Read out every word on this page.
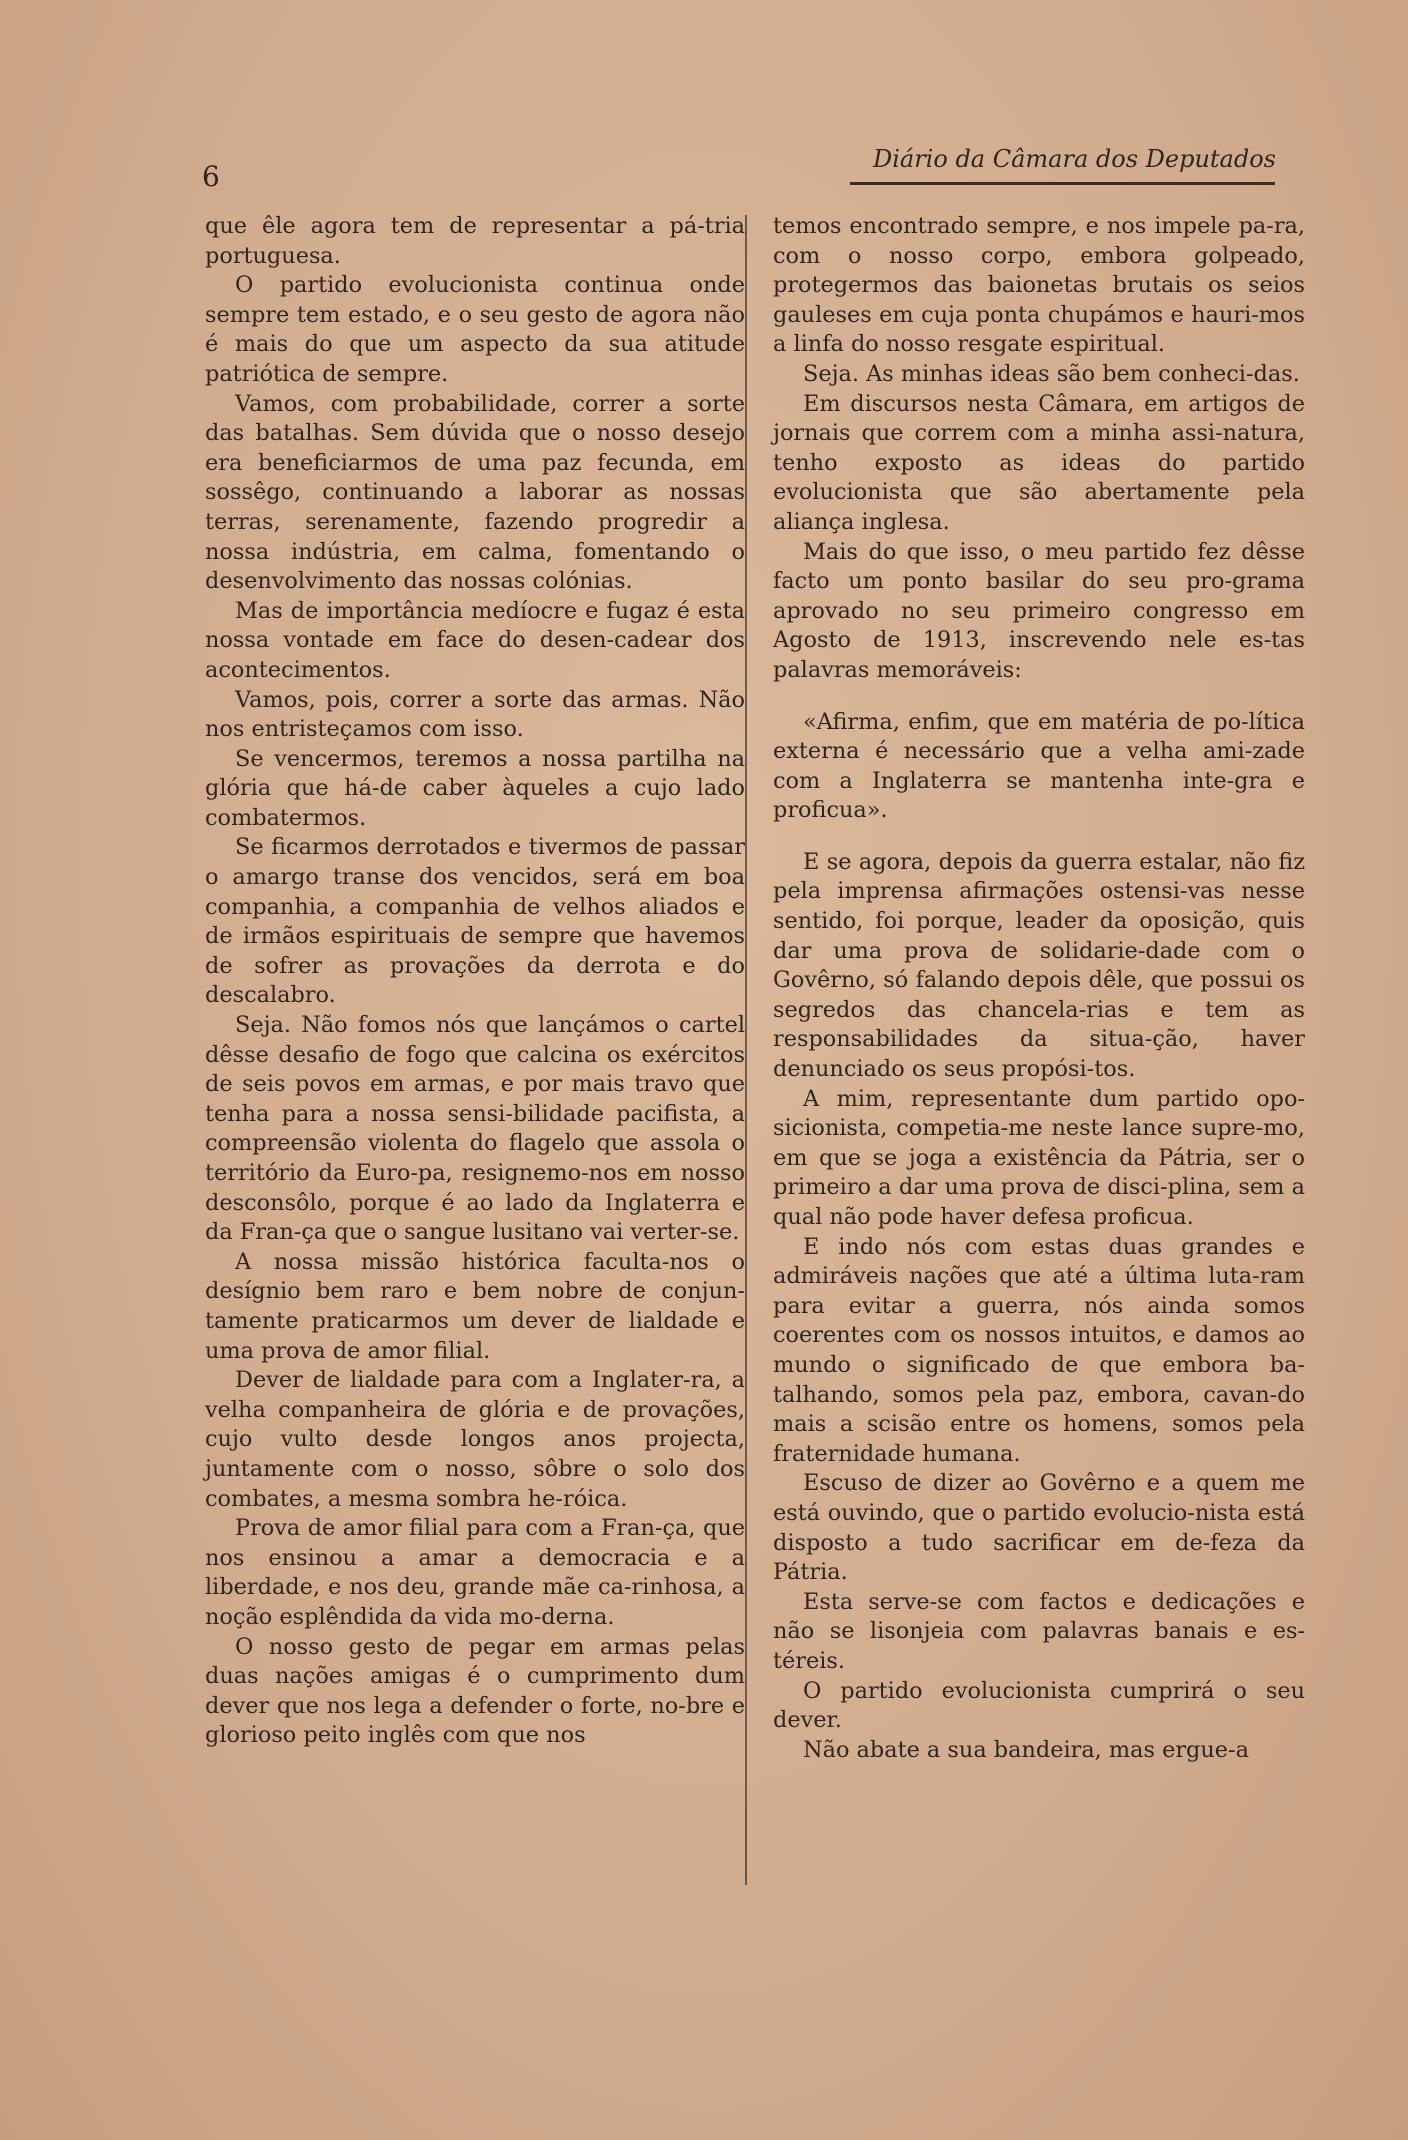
6
Diário da Câmara dos Deputados

que êle agora tem de representar a pá-tria portuguesa.

O partido evolucionista continua onde sempre tem estado, e o seu gesto de agora não é mais do que um aspecto da sua atitude patriótica de sempre.

Vamos, com probabilidade, correr a sorte das batalhas. Sem dúvida que o nosso desejo era beneficiarmos de uma paz fecunda, em sossêgo, continuando a laborar as nossas terras, serenamente, fazendo progredir a nossa indústria, em calma, fomentando o desenvolvimento das nossas colónias.

Mas de importância medíocre e fugaz é esta nossa vontade em face do desen-cadear dos acontecimentos.

Vamos, pois, correr a sorte das armas. Não nos entristeçamos com isso.

Se vencermos, teremos a nossa partilha na glória que há-de caber àqueles a cujo lado combatermos.

Se ficarmos derrotados e tivermos de passar o amargo transe dos vencidos, será em boa companhia, a companhia de velhos aliados e de irmãos espirituais de sempre que havemos de sofrer as provações da derrota e do descalabro.

Seja. Não fomos nós que lançámos o cartel dêsse desafio de fogo que calcina os exércitos de seis povos em armas, e por mais travo que tenha para a nossa sensi-bilidade pacifista, a compreensão violenta do flagelo que assola o território da Euro-pa, resignemo-nos em nosso desconsôlo, porque é ao lado da Inglaterra e da Fran-ça que o sangue lusitano vai verter-se.

A nossa missão histórica faculta-nos o desígnio bem raro e bem nobre de conjun-tamente praticarmos um dever de lialdade e uma prova de amor filial.

Dever de lialdade para com a Inglater-ra, a velha companheira de glória e de provações, cujo vulto desde longos anos projecta, juntamente com o nosso, sôbre o solo dos combates, a mesma sombra he-róica.

Prova de amor filial para com a Fran-ça, que nos ensinou a amar a democracia e a liberdade, e nos deu, grande mãe ca-rinhosa, a noção esplêndida da vida mo-derna.

O nosso gesto de pegar em armas pelas duas nações amigas é o cumprimento dum dever que nos lega a defender o forte, no-bre e glorioso peito inglês com que nos

temos encontrado sempre, e nos impele pa-ra, com o nosso corpo, embora golpeado, protegermos das baionetas brutais os seios gauleses em cuja ponta chupámos e hauri-mos a linfa do nosso resgate espiritual.

Seja. As minhas ideas são bem conheci-das.

Em discursos nesta Câmara, em artigos de jornais que correm com a minha assi-natura, tenho exposto as ideas do partido evolucionista que são abertamente pela aliança inglesa.

Mais do que isso, o meu partido fez dêsse facto um ponto basilar do seu pro-grama aprovado no seu primeiro congresso em Agosto de 1913, inscrevendo nele es-tas palavras memoráveis:

«Afirma, enfim, que em matéria de po-lítica externa é necessário que a velha ami-zade com a Inglaterra se mantenha inte-gra e proficua».

E se agora, depois da guerra estalar, não fiz pela imprensa afirmações ostensi-vas nesse sentido, foi porque, leader da oposição, quis dar uma prova de solidarie-dade com o Govêrno, só falando depois dêle, que possui os segredos das chancela-rias e tem as responsabilidades da situa-ção, haver denunciado os seus propósi-tos.

A mim, representante dum partido opo-sicionista, competia-me neste lance supre-mo, em que se joga a existência da Pátria, ser o primeiro a dar uma prova de disci-plina, sem a qual não pode haver defesa proficua.

E indo nós com estas duas grandes e admiráveis nações que até a última luta-ram para evitar a guerra, nós ainda somos coerentes com os nossos intuitos, e damos ao mundo o significado de que embora ba-talhando, somos pela paz, embora, cavan-do mais a scisão entre os homens, somos pela fraternidade humana.

Escuso de dizer ao Govêrno e a quem me está ouvindo, que o partido evolucio-nista está disposto a tudo sacrificar em de-feza da Pátria.

Esta serve-se com factos e dedicações e não se lisonjeia com palavras banais e es-téreis.

O partido evolucionista cumprirá o seu dever.

Não abate a sua bandeira, mas ergue-a
